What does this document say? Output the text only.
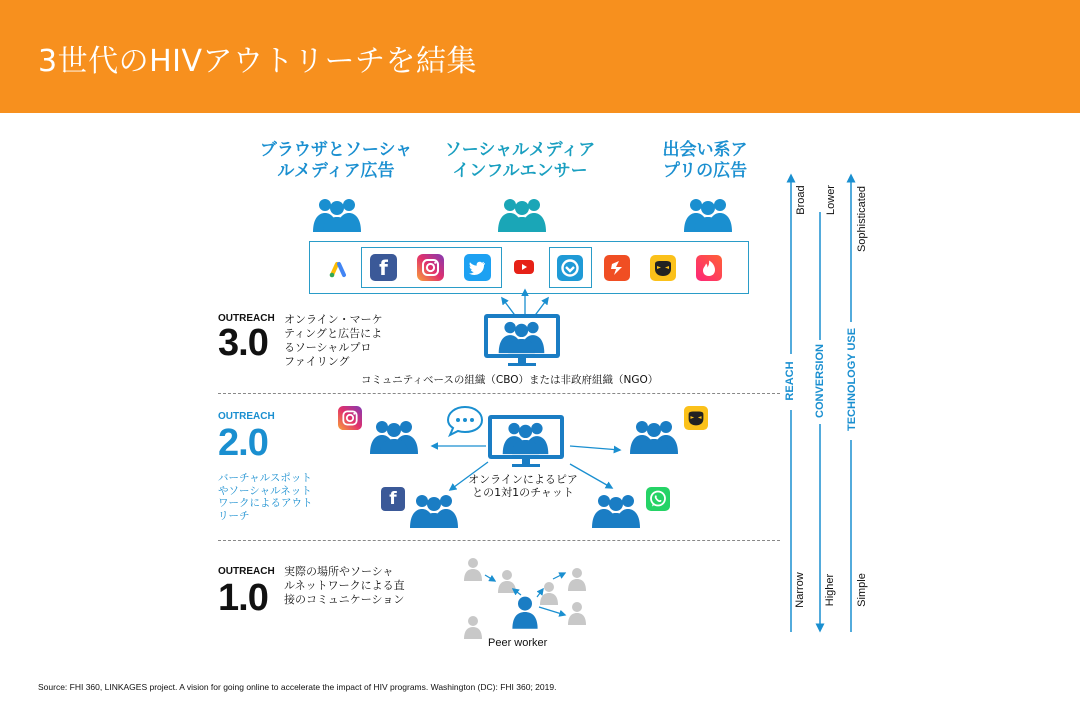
3世代のHIVアウトリーチを結集
ブラウザとソーシャ
ルメディア広告
ソーシャルメディア
インフルエンサー
出会い系ア
プリの広告
f
OUTREACH
3.0
オンライン・マーケ
ティングと広告によ
るソーシャルプロ
ファイリング
コミュニティベースの組織（CBO）または非政府組織（NGO）
OUTREACH
2.0
バーチャルスポット
やソーシャルネット
ワークによるアウト
リーチ
f
オンラインによるピア
との1対1のチャット
OUTREACH
1.0
実際の場所やソーシャ
ルネットワークによる直
接のコミュニケーション
Peer worker
Broad Lower Sophisticated
REACH CONVERSION TECHNOLOGY USE
Narrow Higher Simple
Source: FHI 360, LINKAGES project. A vision for going online to accelerate the impact of HIV programs. Washington (DC): FHI 360; 2019.
